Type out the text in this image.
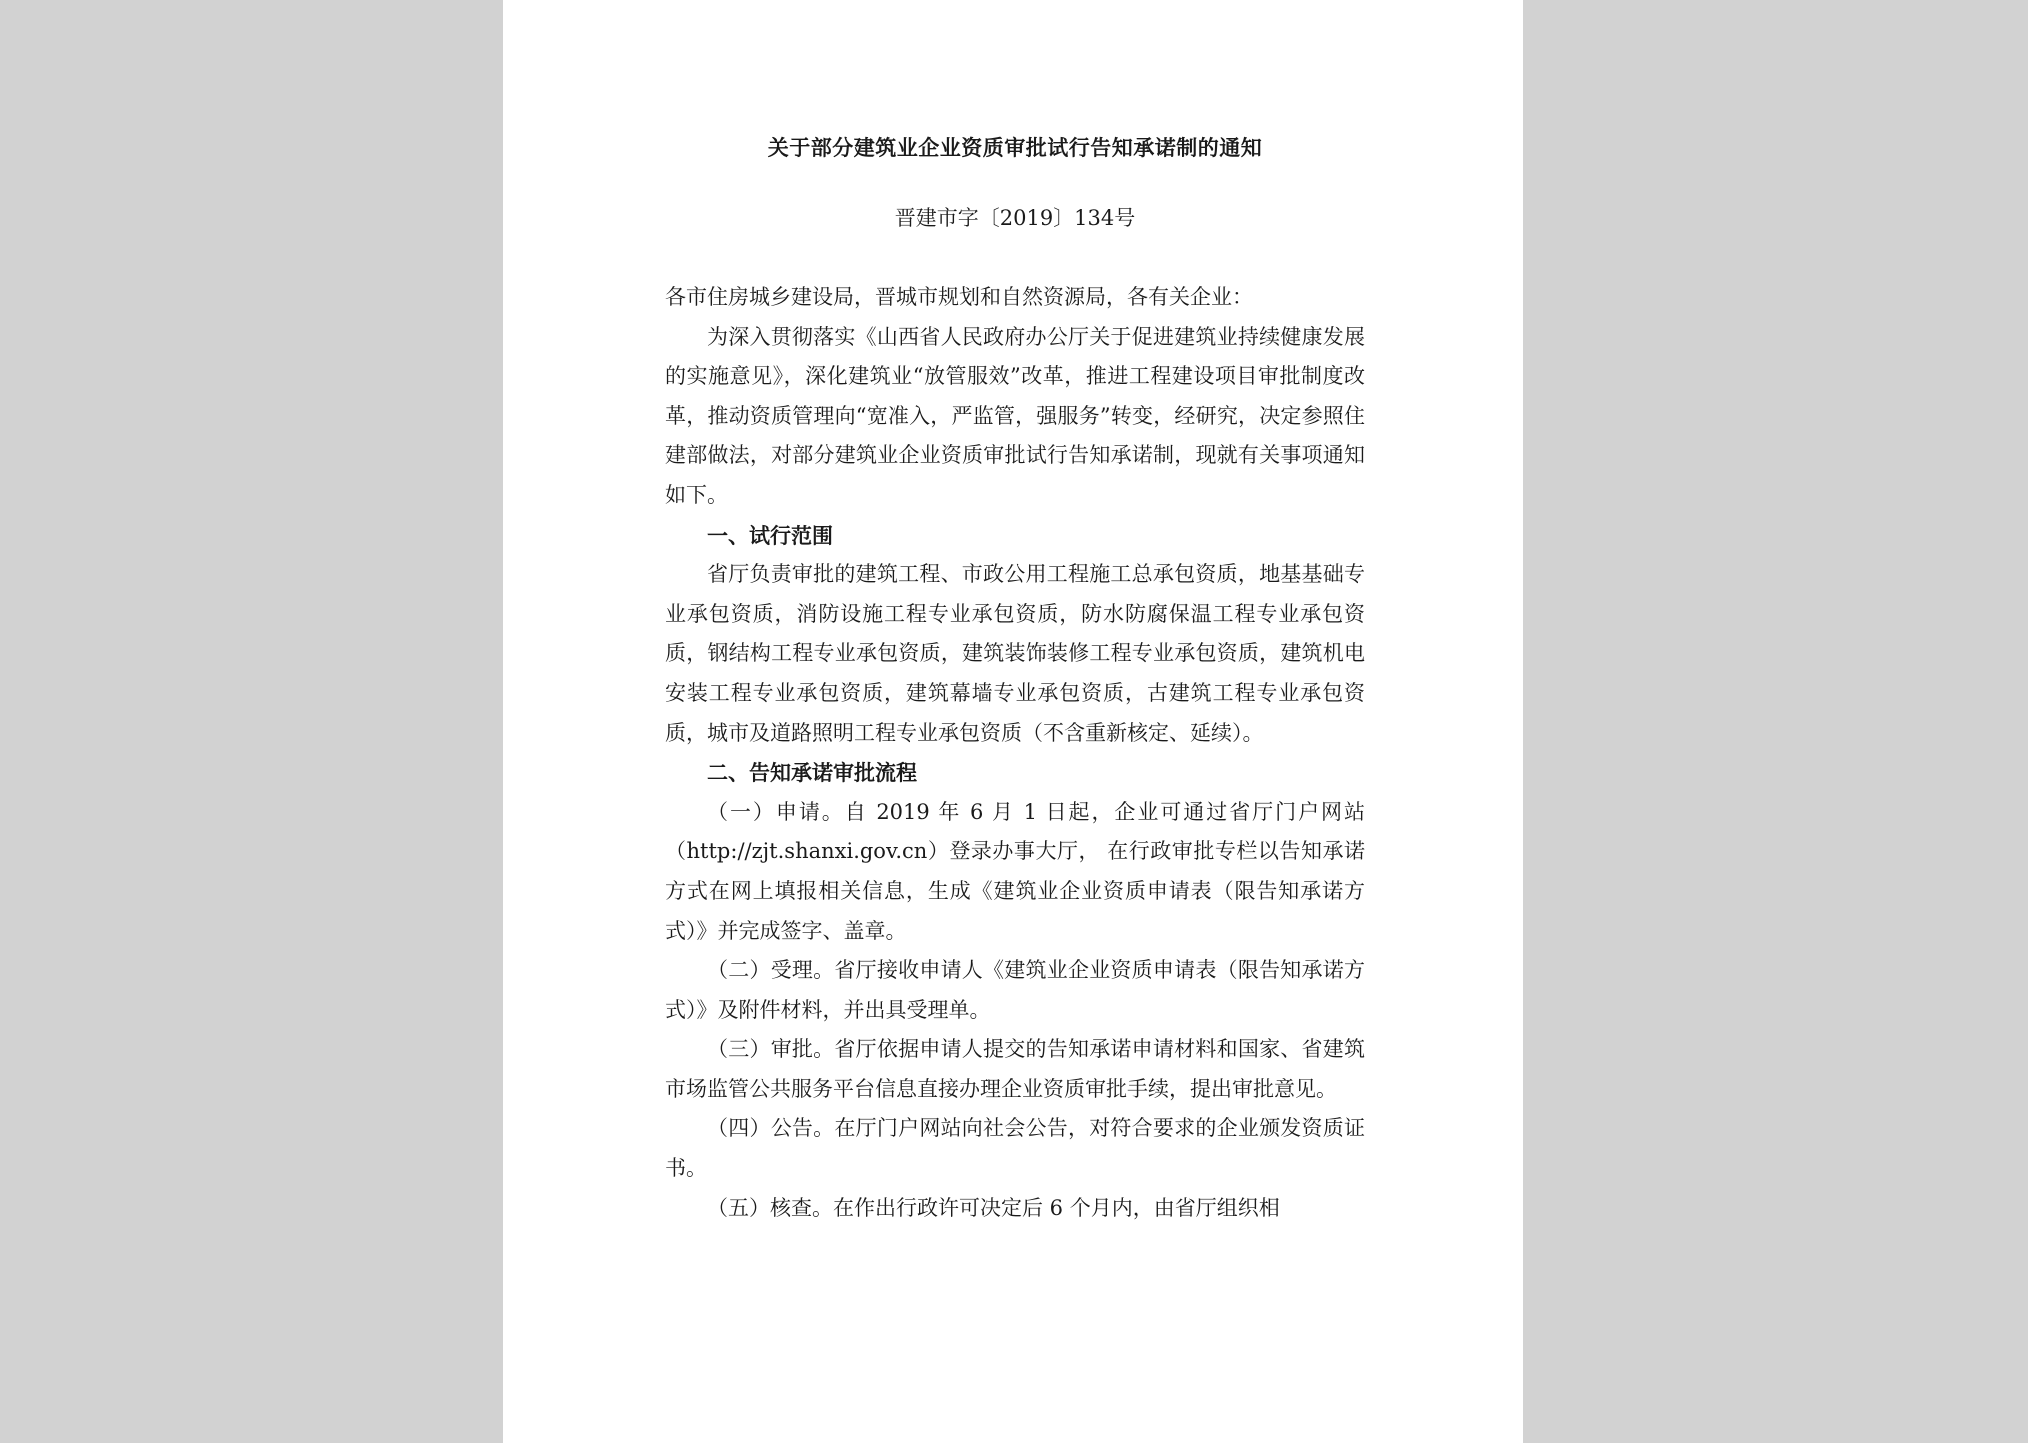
关于部分建筑业企业资质审批试行告知承诺制的通知
晋建市字〔2019〕134号

各市住房城乡建设局，晋城市规划和自然资源局，各有关企业：

为深入贯彻落实《山西省人民政府办公厅关于促进建筑业持续健康发展的实施意见》，深化建筑业“放管服效”改革，推进工程建设项目审批制度改革，推动资质管理向“宽准入，严监管，强服务”转变，经研究，决定参照住建部做法，对部分建筑业企业资质审批试行告知承诺制，现就有关事项通知如下。

一、试行范围

省厅负责审批的建筑工程、市政公用工程施工总承包资质，地基基础专业承包资质，消防设施工程专业承包资质，防水防腐保温工程专业承包资质，钢结构工程专业承包资质，建筑装饰装修工程专业承包资质，建筑机电安装工程专业承包资质，建筑幕墙专业承包资质，古建筑工程专业承包资质，城市及道路照明工程专业承包资质（不含重新核定、延续）。

二、告知承诺审批流程

（一）申请。自 2019 年 6 月 1 日起，企业可通过省厅门户网站（http://zjt.shanxi.gov.cn）登录办事大厅， 在行政审批专栏以告知承诺方式在网上填报相关信息，生成《建筑业企业资质申请表（限告知承诺方式）》并完成签字、盖章。

（二）受理。省厅接收申请人《建筑业企业资质申请表（限告知承诺方式）》及附件材料，并出具受理单。

（三）审批。省厅依据申请人提交的告知承诺申请材料和国家、省建筑市场监管公共服务平台信息直接办理企业资质审批手续，提出审批意见。

（四）公告。在厅门户网站向社会公告，对符合要求的企业颁发资质证书。

（五）核查。在作出行政许可决定后 6 个月内，由省厅组织相
